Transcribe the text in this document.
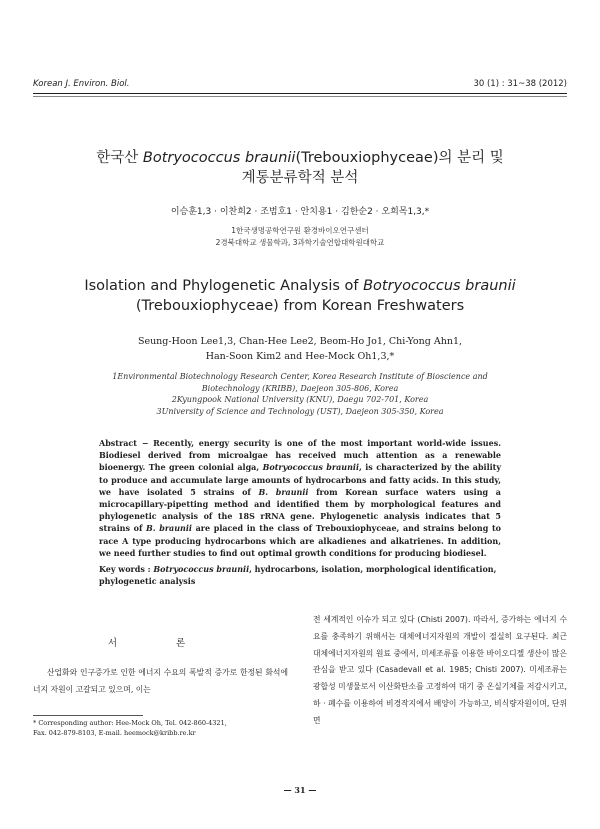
Korean J. Environ. Biol.	30 (1) : 31~38 (2012)
한국산 Botryococcus braunii(Trebouxiophyceae)의 분리 및
계통분류학적 분석
이승훈1,3 · 이찬희2 · 조범호1 · 안치용1 · 김한순2 · 오희목1,3,*
1한국생명공학연구원 환경바이오연구센터
2경북대학교 생물학과, 3과학기술연합대학원대학교
Isolation and Phylogenetic Analysis of Botryococcus braunii
(Trebouxiophyceae) from Korean Freshwaters
Seung-Hoon Lee1,3, Chan-Hee Lee2, Beom-Ho Jo1, Chi-Yong Ahn1,
Han-Soon Kim2 and Hee-Mock Oh1,3,*
1Environmental Biotechnology Research Center, Korea Research Institute of Bioscience and
Biotechnology (KRIBB), Daejeon 305-806, Korea
2Kyungpook National University (KNU), Daegu 702-701, Korea
3University of Science and Technology (UST), Daejeon 305-350, Korea
Abstract − Recently, energy security is one of the most important world-wide issues. Biodiesel derived from microalgae has received much attention as a renewable bioenergy. The green colonial alga, Botryococcus braunii, is characterized by the ability to produce and accumulate large amounts of hydrocarbons and fatty acids. In this study, we have isolated 5 strains of B. braunii from Korean surface waters using a microcapillary-pipetting method and identified them by morphological features and phylogenetic analysis of the 18S rRNA gene. Phylogenetic analysis indicates that 5 strains of B. braunii are placed in the class of Trebouxiophyceae, and strains belong to race A type producing hydrocarbons which are alkadienes and alkatrienes. In addition, we need further studies to find out optimal growth conditions for producing biodiesel.
Key words : Botryococcus braunii, hydrocarbons, isolation, morphological identification, phylogenetic analysis
서 론
산업화와 인구증가로 인한 에너지 수요의 폭발적 증가로 한정된 화석에너지 자원이 고갈되고 있으며, 이는
* Corresponding author: Hee-Mock Oh, Tel. 042-860-4321,
Fax. 042-879-8103, E-mail. heemock@kribb.re.kr
전 세계적인 이슈가 되고 있다 (Chisti 2007). 따라서, 증가하는 에너지 수요를 충족하기 위해서는 대체에너지자원의 개발이 절실히 요구된다. 최근 대체에너지자원의 원료 중에서, 미세조류를 이용한 바이오디젤 생산이 많은 관심을 받고 있다 (Casadevall et al. 1985; Chisti 2007). 미세조류는 광합성 미생물로서 이산화탄소를 고정하여 대기 중 온실기체를 저감시키고, 하 · 폐수를 이용하여 비경작지에서 배양이 가능하고, 비식량자원이며, 단위면
— 31 —
